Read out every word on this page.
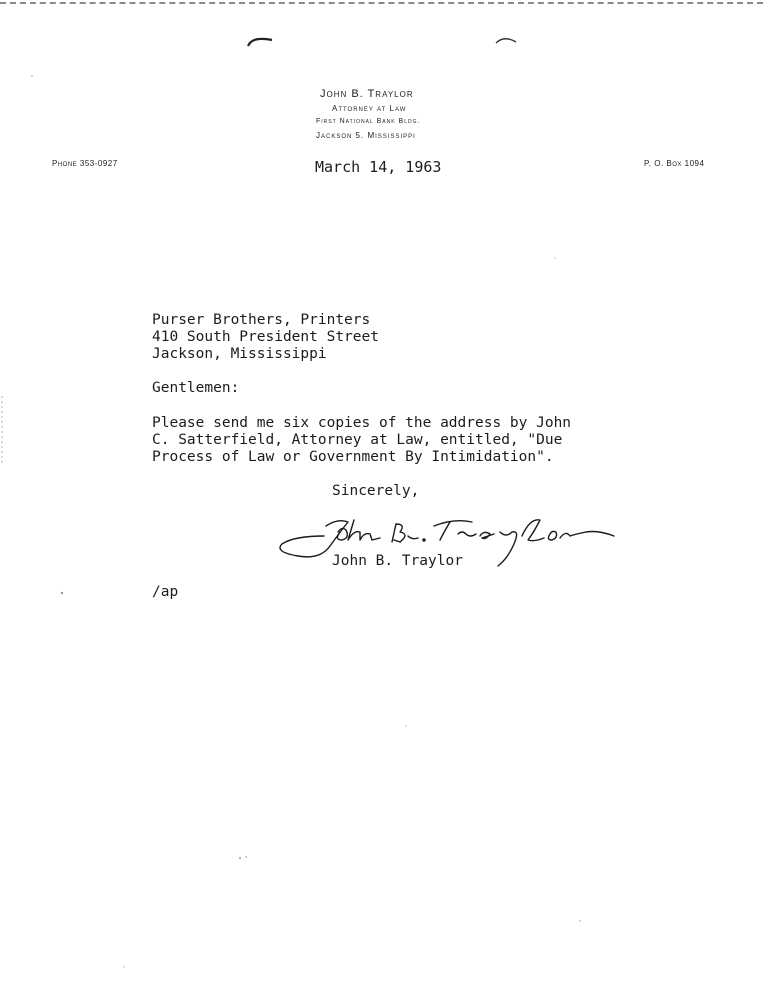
John B. Traylor
Attorney at Law
First National Bank Bldg.
Jackson 5. Mississippi
Phone 353-0927	P. O. Box 1094
March 14, 1963
Purser Brothers, Printers
410 South President Street
Jackson, Mississippi
Gentlemen:
Please send me six copies of the address by John
C. Satterfield, Attorney at Law, entitled, "Due
Process of Law or Government By Intimidation".
Sincerely,
John B. Traylor
/ap
